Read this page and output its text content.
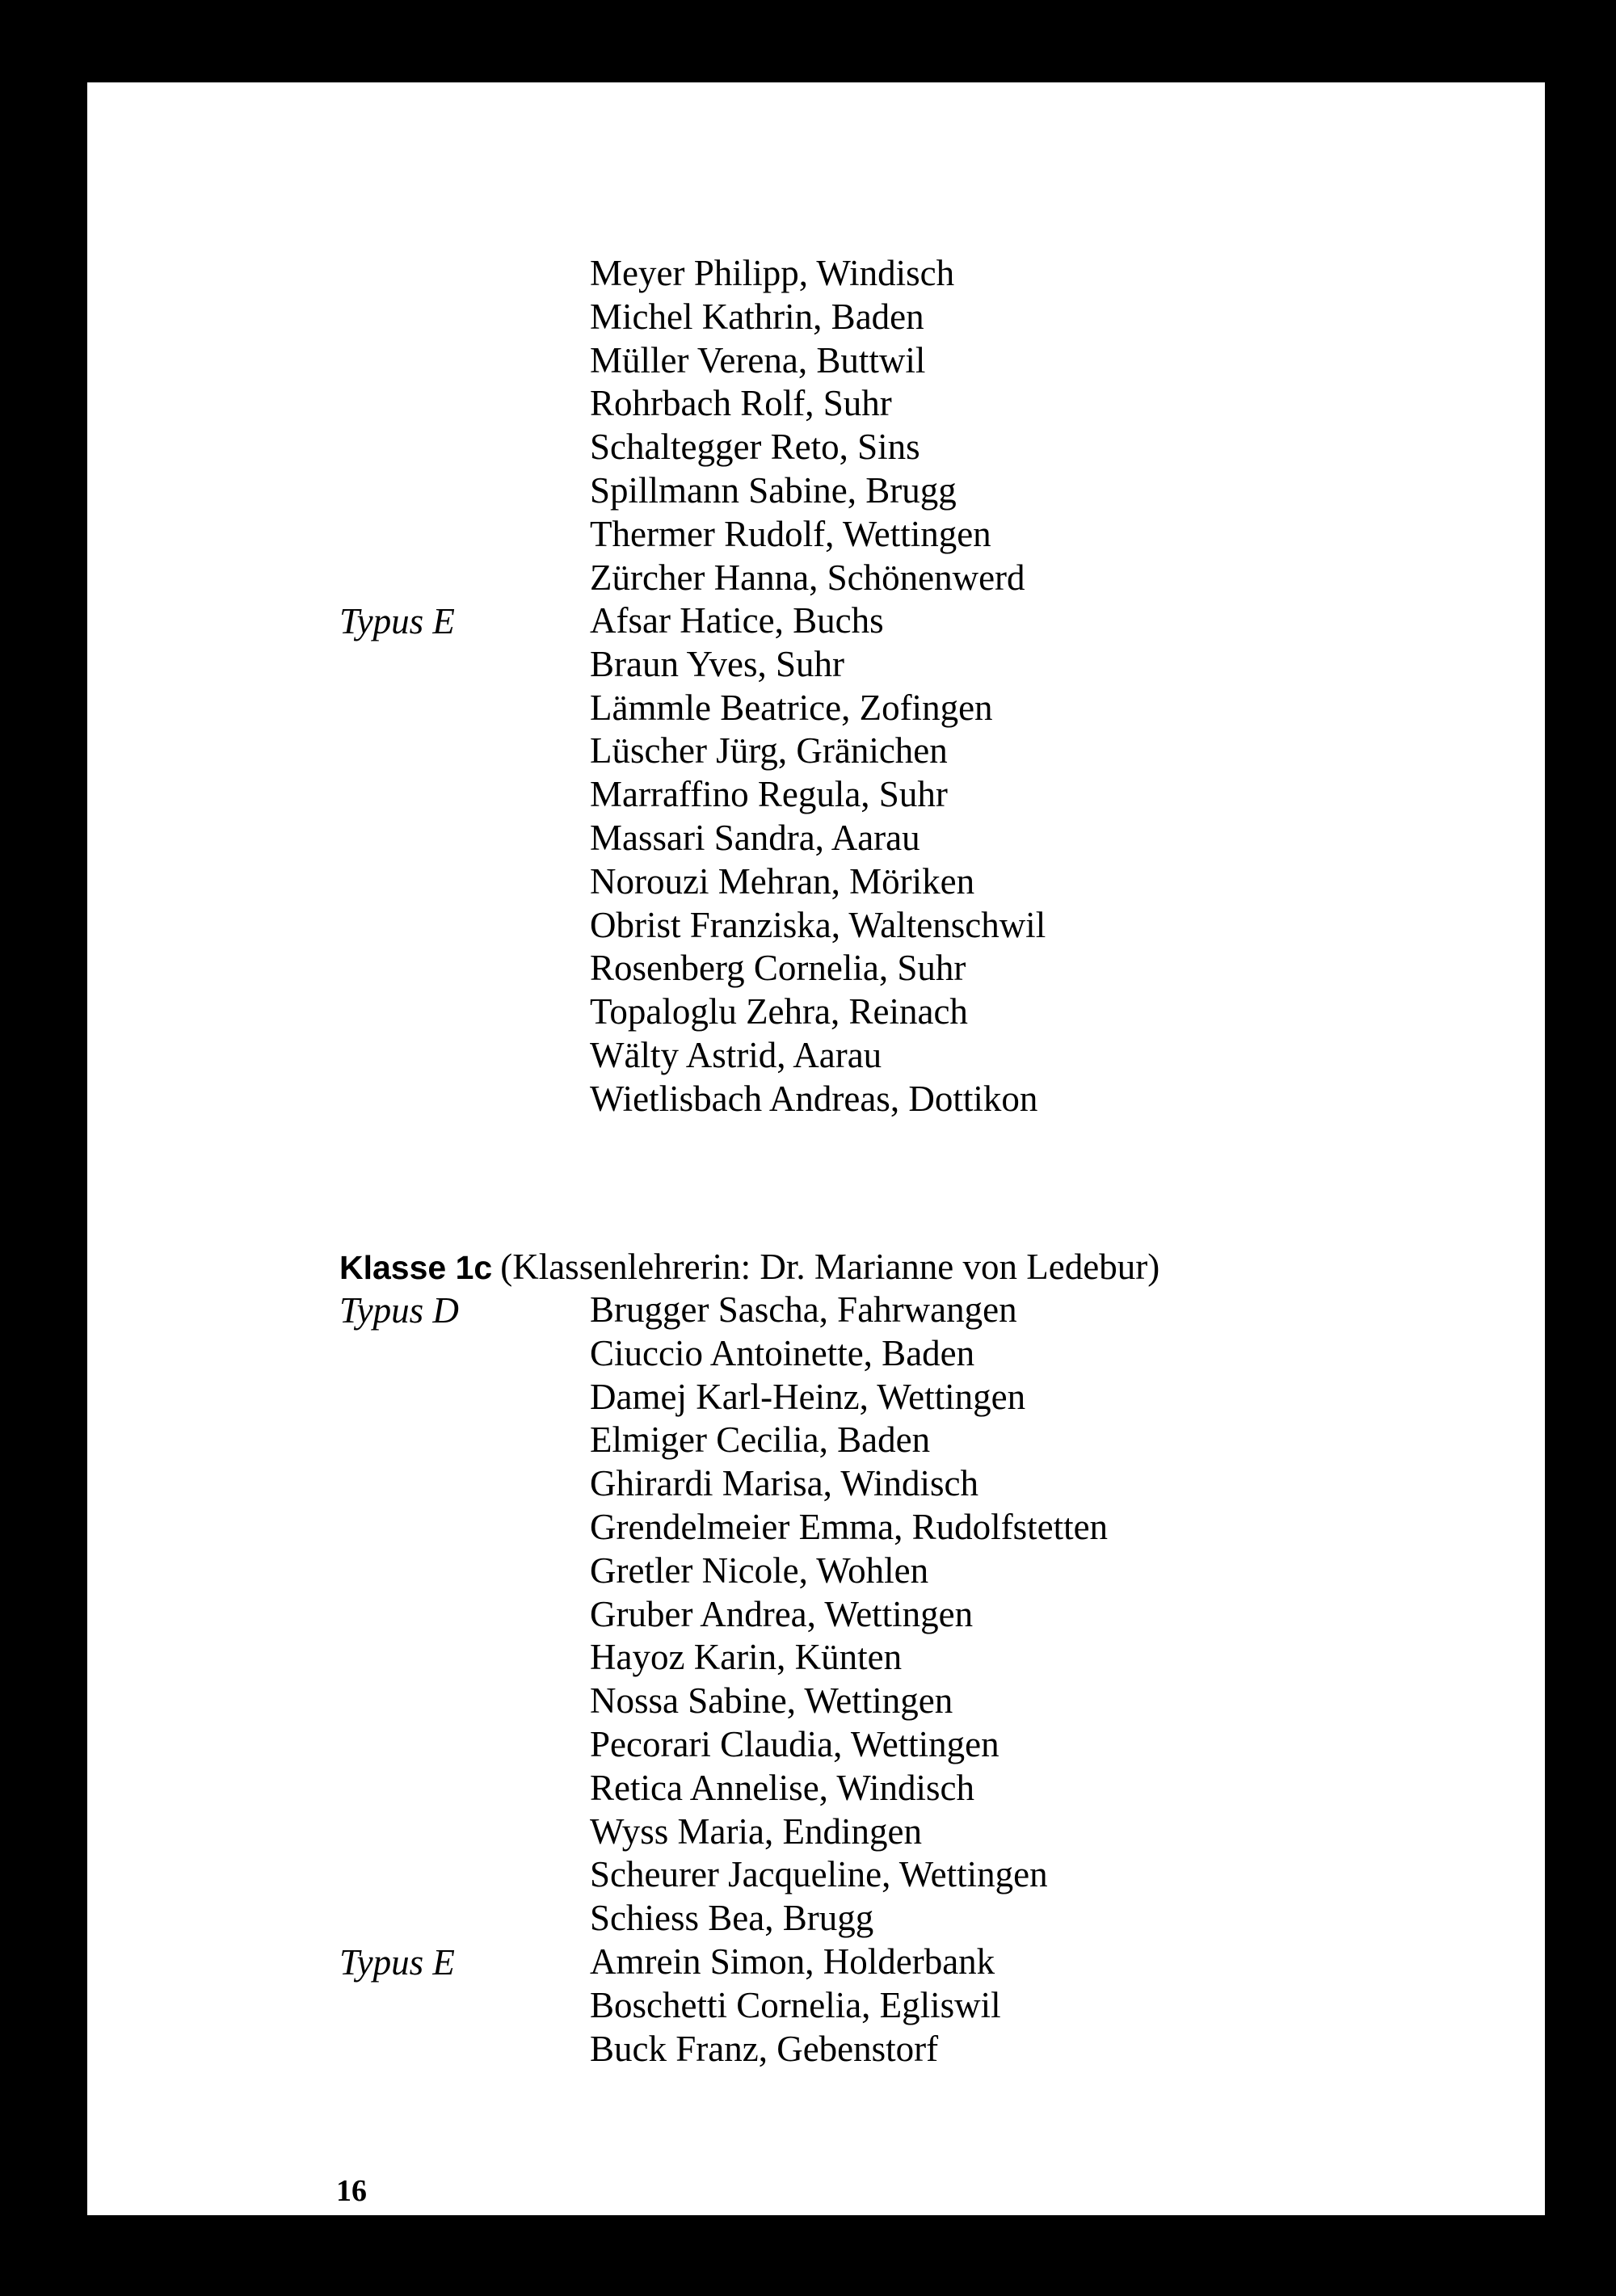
Meyer Philipp, Windisch
Michel Kathrin, Baden
Müller Verena, Buttwil
Rohrbach Rolf, Suhr
Schaltegger Reto, Sins
Spillmann Sabine, Brugg
Thermer Rudolf, Wettingen
Zürcher Hanna, Schönenwerd
Typus E	Afsar Hatice, Buchs
Braun Yves, Suhr
Lämmle Beatrice, Zofingen
Lüscher Jürg, Gränichen
Marraffino Regula, Suhr
Massari Sandra, Aarau
Norouzi Mehran, Möriken
Obrist Franziska, Waltenschwil
Rosenberg Cornelia, Suhr
Topaloglu Zehra, Reinach
Wälty Astrid, Aarau
Wietlisbach Andreas, Dottikon
Klasse 1c (Klassenlehrerin: Dr. Marianne von Ledebur)
Typus D	Brugger Sascha, Fahrwangen
Ciuccio Antoinette, Baden
Damej Karl-Heinz, Wettingen
Elmiger Cecilia, Baden
Ghirardi Marisa, Windisch
Grendelmeier Emma, Rudolfstetten
Gretler Nicole, Wohlen
Gruber Andrea, Wettingen
Hayoz Karin, Künten
Nossa Sabine, Wettingen
Pecorari Claudia, Wettingen
Retica Annelise, Windisch
Wyss Maria, Endingen
Scheurer Jacqueline, Wettingen
Schiess Bea, Brugg
Typus E	Amrein Simon, Holderbank
Boschetti Cornelia, Egliswil
Buck Franz, Gebenstorf
16
